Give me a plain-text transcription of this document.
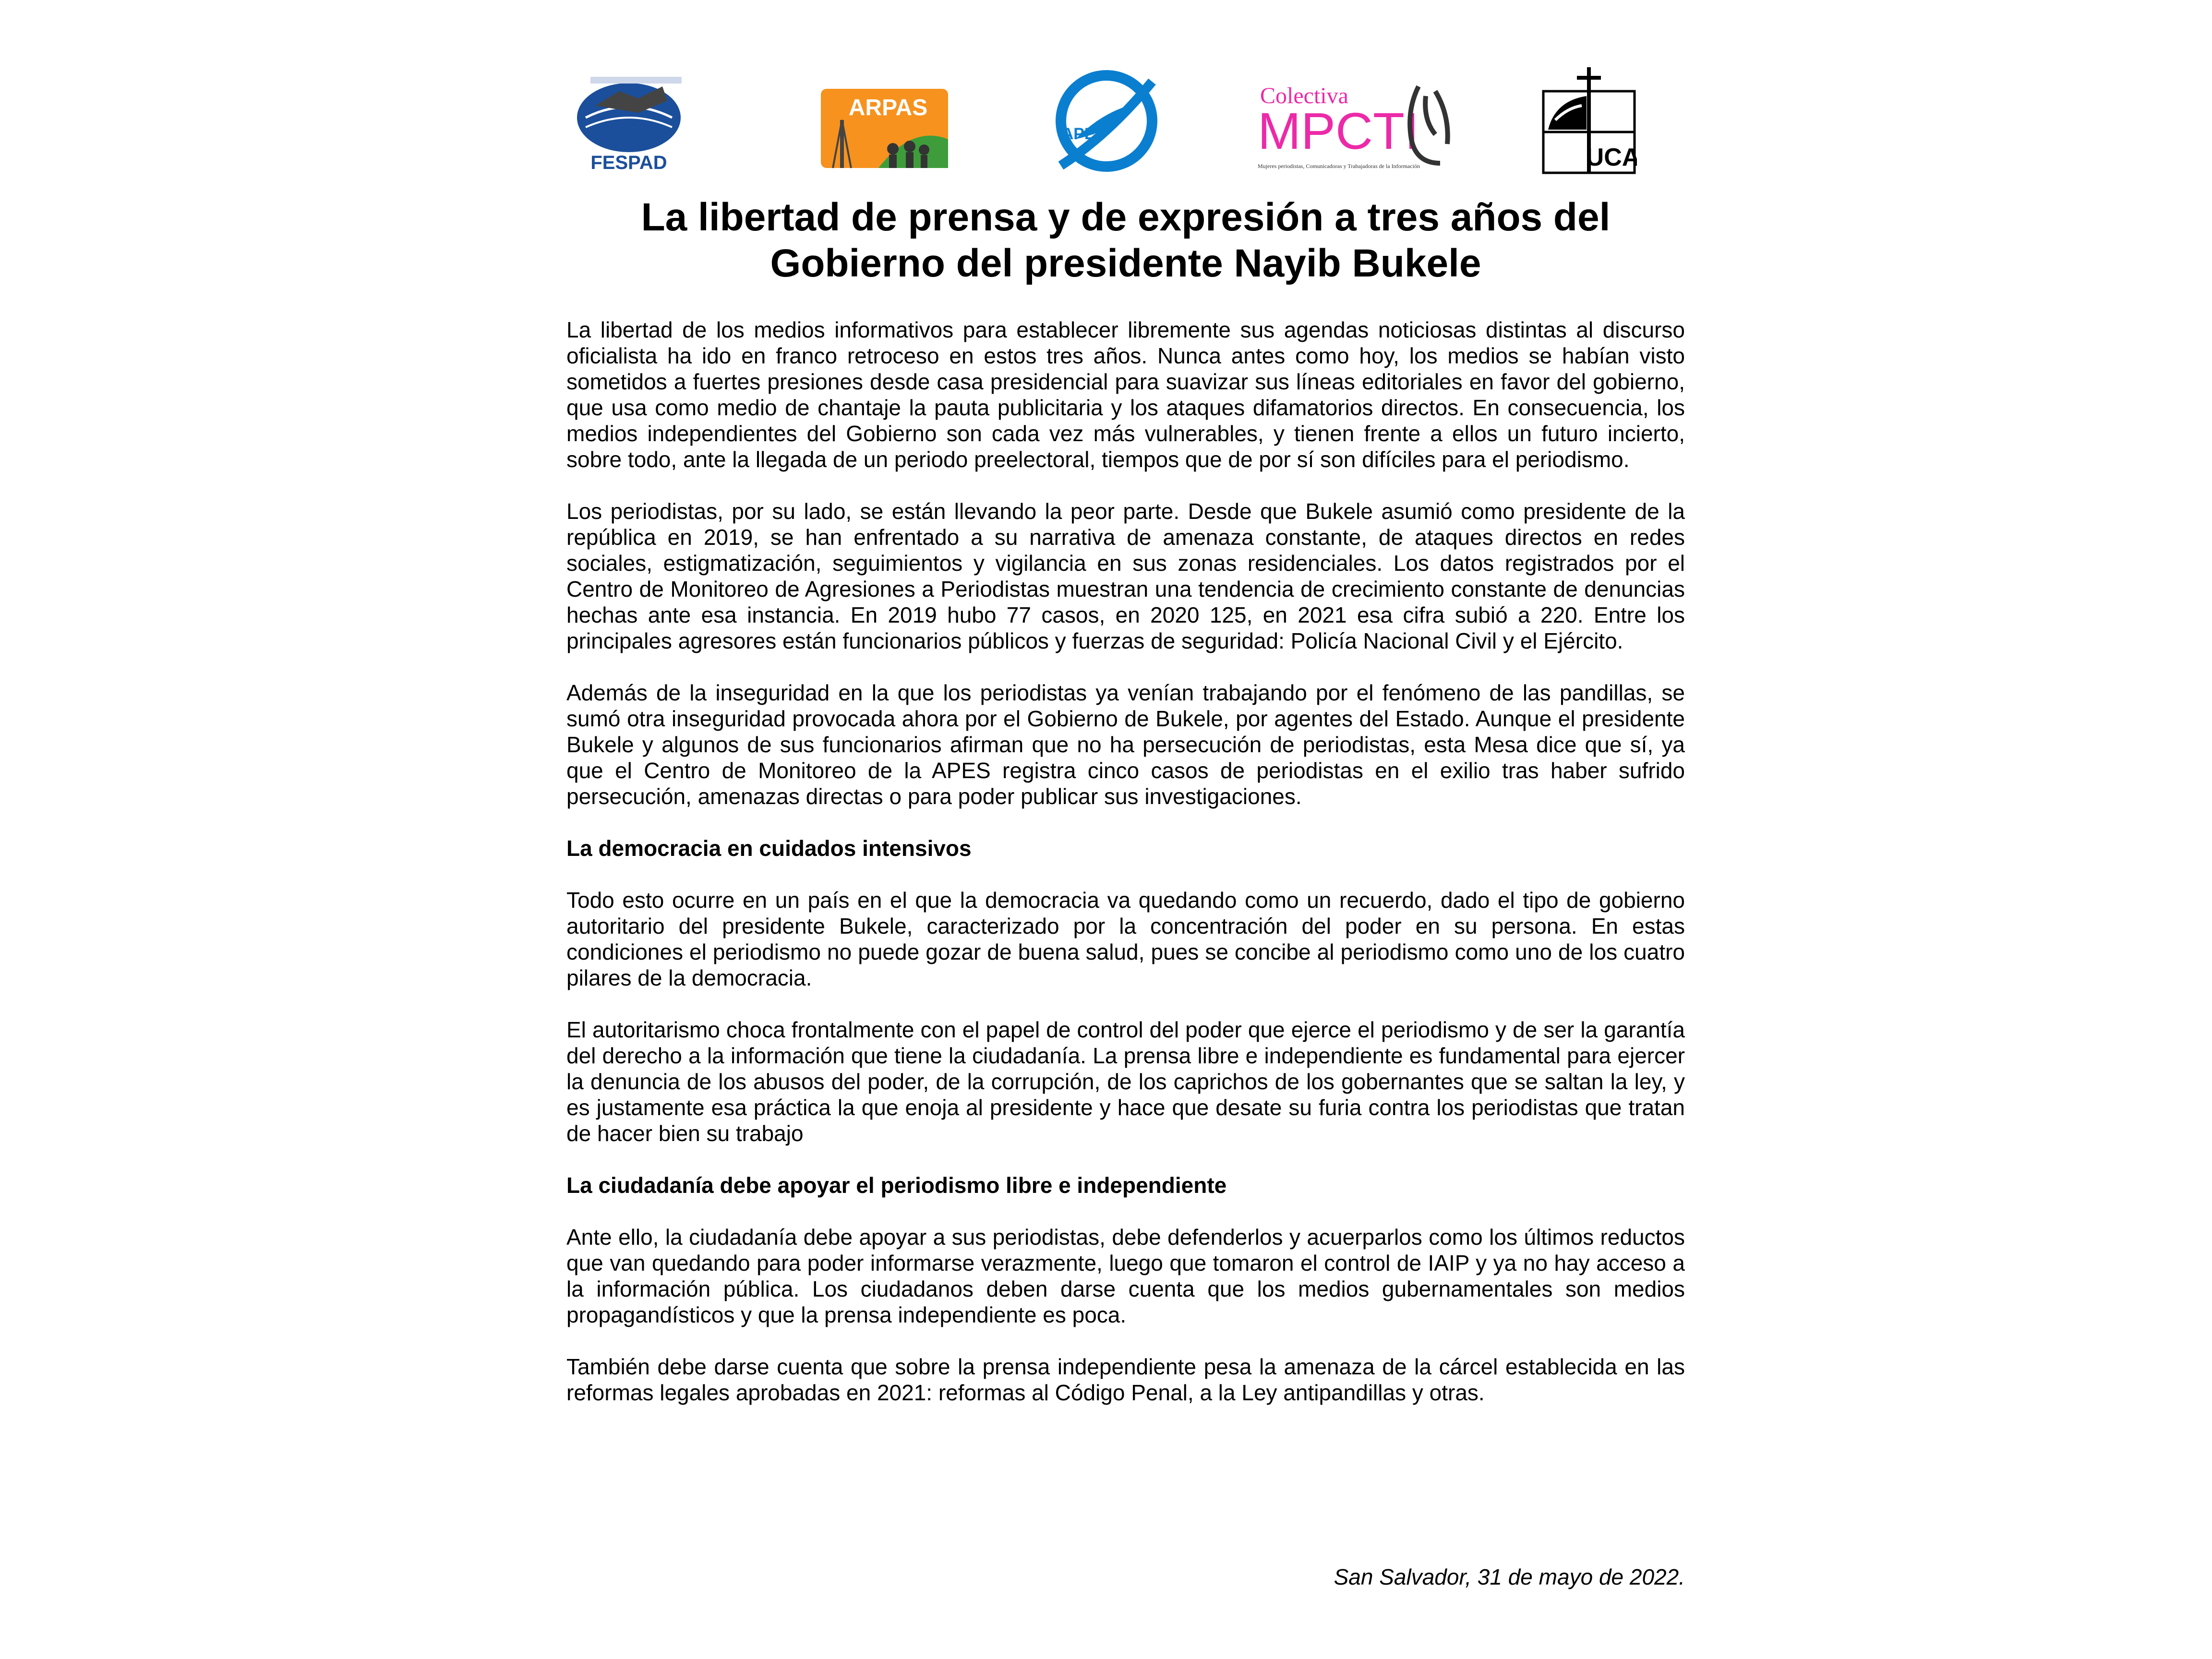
FESPAD
ARPAS
APES
Colectiva
MPCTI
Mujeres periodistas, Comunicadoras y Trabajadoras de la Información	UCA
La libertad de prensa y de expresión a tres años del Gobierno del presidente Nayib Bukele

La libertad de los medios informativos para establecer libremente sus agendas noticiosas distintas al discurso oficialista ha ido en franco retroceso en estos tres años. Nunca antes como hoy, los medios se habían visto sometidos a fuertes presiones desde casa presidencial para suavizar sus líneas editoriales en favor del gobierno, que usa como medio de chantaje la pauta publicitaria y los ataques difamatorios directos. En consecuencia, los medios independientes del Gobierno son cada vez más vulnerables, y tienen frente a ellos un futuro incierto, sobre todo, ante la llegada de un periodo preelectoral, tiempos que de por sí son difíciles para el periodismo.

Los periodistas, por su lado, se están llevando la peor parte. Desde que Bukele asumió como presidente de la república en 2019, se han enfrentado a su narrativa de amenaza constante, de ataques directos en redes sociales, estigmatización, seguimientos y vigilancia en sus zonas residenciales. Los datos registrados por el Centro de Monitoreo de Agresiones a Periodistas muestran una tendencia de crecimiento constante de denuncias hechas ante esa instancia. En 2019 hubo 77 casos, en 2020 125, en 2021 esa cifra subió a 220. Entre los principales agresores están funcionarios públicos y fuerzas de seguridad: Policía Nacional Civil y el Ejército.

Además de la inseguridad en la que los periodistas ya venían trabajando por el fenómeno de las pandillas, se sumó otra inseguridad provocada ahora por el Gobierno de Bukele, por agentes del Estado. Aunque el presidente Bukele y algunos de sus funcionarios afirman que no ha persecución de periodistas, esta Mesa dice que sí, ya que el Centro de Monitoreo de la APES registra cinco casos de periodistas en el exilio tras haber sufrido persecución, amenazas directas o para poder publicar sus investigaciones.

La democracia en cuidados intensivos

Todo esto ocurre en un país en el que la democracia va quedando como un recuerdo, dado el tipo de gobierno autoritario del presidente Bukele, caracterizado por la concentración del poder en su persona. En estas condiciones el periodismo no puede gozar de buena salud, pues se concibe al periodismo como uno de los cuatro pilares de la democracia.

El autoritarismo choca frontalmente con el papel de control del poder que ejerce el periodismo y de ser la garantía del derecho a la información que tiene la ciudadanía. La prensa libre e independiente es fundamental para ejercer la denuncia de los abusos del poder, de la corrupción, de los caprichos de los gobernantes que se saltan la ley, y es justamente esa práctica la que enoja al presidente y hace que desate su furia contra los periodistas que tratan de hacer bien su trabajo

La ciudadanía debe apoyar el periodismo libre e independiente

Ante ello, la ciudadanía debe apoyar a sus periodistas, debe defenderlos y acuerparlos como los últimos reductos que van quedando para poder informarse verazmente, luego que tomaron el control de IAIP y ya no hay acceso a la información pública. Los ciudadanos deben darse cuenta que los medios gubernamentales son medios propagandísticos y que la prensa independiente es poca.

También debe darse cuenta que sobre la prensa independiente pesa la amenaza de la cárcel establecida en las reformas legales aprobadas en 2021: reformas al Código Penal, a la Ley antipandillas y otras.

San Salvador, 31 de mayo de 2022.
